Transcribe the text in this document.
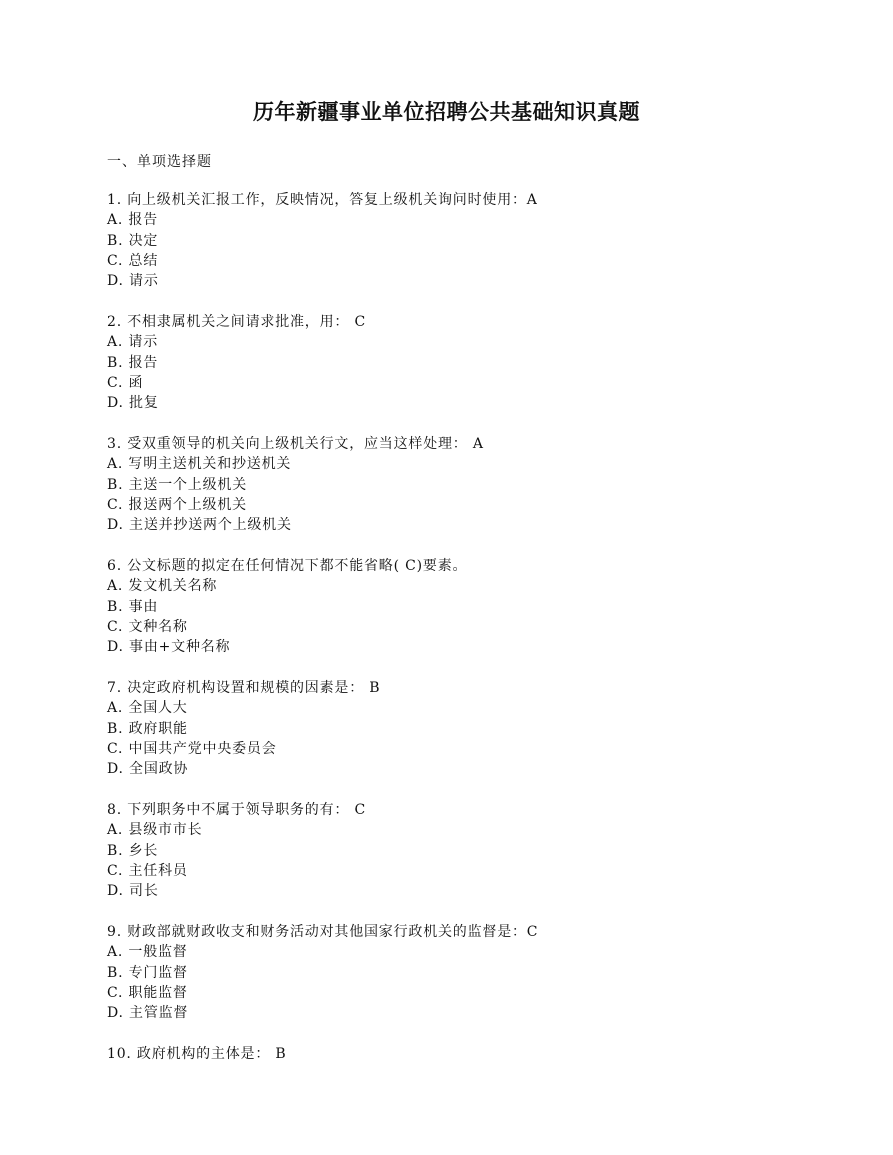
历年新疆事业单位招聘公共基础知识真题
一、单项选择题
1. 向上级机关汇报工作，反映情况，答复上级机关询问时使用：A
A. 报告
B. 决定
C. 总结
D. 请示
2. 不相隶属机关之间请求批准，用： C
A. 请示
B. 报告
C. 函
D. 批复
3. 受双重领导的机关向上级机关行文，应当这样处理： A
A. 写明主送机关和抄送机关
B. 主送一个上级机关
C. 报送两个上级机关
D. 主送并抄送两个上级机关
6. 公文标题的拟定在任何情况下都不能省略( C)要素。
A. 发文机关名称
B. 事由
C. 文种名称
D. 事由+文种名称
7. 决定政府机构设置和规模的因素是： B
A. 全国人大
B. 政府职能
C. 中国共产党中央委员会
D. 全国政协
8. 下列职务中不属于领导职务的有： C
A. 县级市市长
B. 乡长
C. 主任科员
D. 司长
9. 财政部就财政收支和财务活动对其他国家行政机关的监督是：C
A. 一般监督
B. 专门监督
C. 职能监督
D. 主管监督
10. 政府机构的主体是： B
